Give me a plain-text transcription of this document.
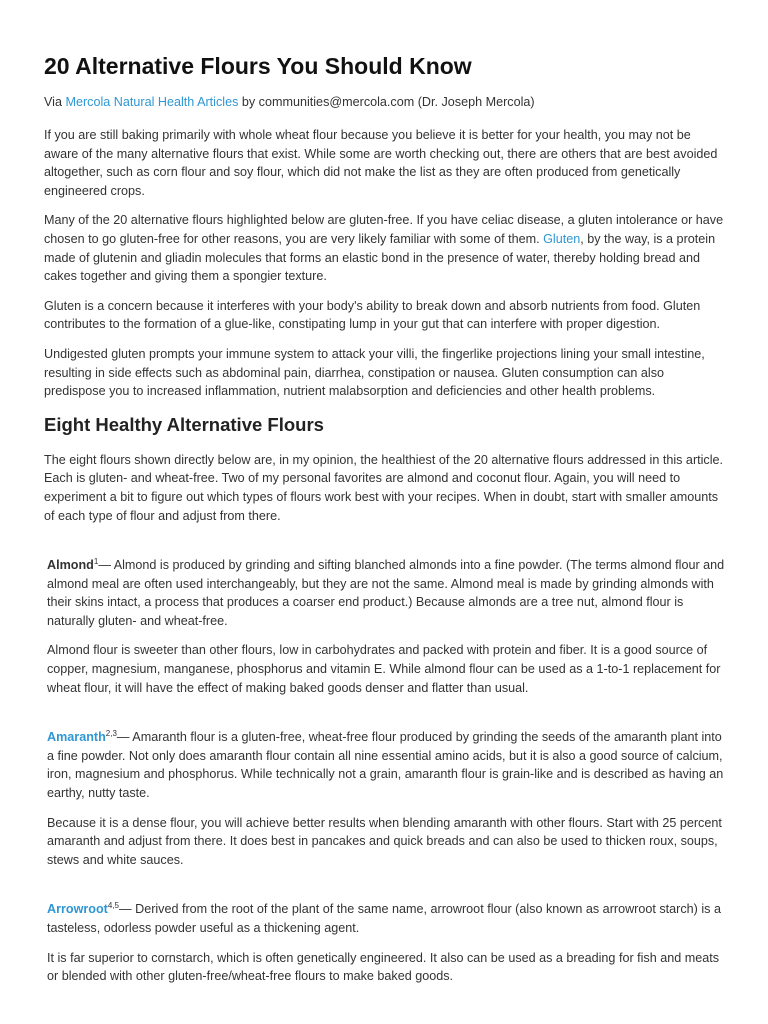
20 Alternative Flours You Should Know
Via Mercola Natural Health Articles by communities@mercola.com (Dr. Joseph Mercola)

If you are still baking primarily with whole wheat flour because you believe it is better for your health, you may not be aware of the many alternative flours that exist. While some are worth checking out, there are others that are best avoided altogether, such as corn flour and soy flour, which did not make the list as they are often produced from genetically engineered crops.

Many of the 20 alternative flours highlighted below are gluten-free. If you have celiac disease, a gluten intolerance or have chosen to go gluten-free for other reasons, you are very likely familiar with some of them. Gluten, by the way, is a protein made of glutenin and gliadin molecules that forms an elastic bond in the presence of water, thereby holding bread and cakes together and giving them a spongier texture.

Gluten is a concern because it interferes with your body's ability to break down and absorb nutrients from food. Gluten contributes to the formation of a glue-like, constipating lump in your gut that can interfere with proper digestion.

Undigested gluten prompts your immune system to attack your villi, the fingerlike projections lining your small intestine, resulting in side effects such as abdominal pain, diarrhea, constipation or nausea. Gluten consumption can also predispose you to increased inflammation, nutrient malabsorption and deficiencies and other health problems.

Eight Healthy Alternative Flours

The eight flours shown directly below are, in my opinion, the healthiest of the 20 alternative flours addressed in this article. Each is gluten- and wheat-free. Two of my personal favorites are almond and coconut flour. Again, you will need to experiment a bit to figure out which types of flours work best with your recipes. When in doubt, start with smaller amounts of each type of flour and adjust from there.

Almond$^1$— Almond is produced by grinding and sifting blanched almonds into a fine powder. (The terms almond flour and almond meal are often used interchangeably, but they are not the same. Almond meal is made by grinding almonds with their skins intact, a process that produces a coarser end product.) Because almonds are a tree nut, almond flour is naturally gluten- and wheat-free.

Almond flour is sweeter than other flours, low in carbohydrates and packed with protein and fiber. It is a good source of copper, magnesium, manganese, phosphorus and vitamin E. While almond flour can be used as a 1-to-1 replacement for wheat flour, it will have the effect of making baked goods denser and flatter than usual.

Amaranth$^{2,3}$— Amaranth flour is a gluten-free, wheat-free flour produced by grinding the seeds of the amaranth plant into a fine powder. Not only does amaranth flour contain all nine essential amino acids, but it is also a good source of calcium, iron, magnesium and phosphorus. While technically not a grain, amaranth flour is grain-like and is described as having an earthy, nutty taste.

Because it is a dense flour, you will achieve better results when blending amaranth with other flours. Start with 25 percent amaranth and adjust from there. It does best in pancakes and quick breads and can also be used to thicken roux, soups, stews and white sauces.

Arrowroot$^{4,5}$— Derived from the root of the plant of the same name, arrowroot flour (also known as arrowroot starch) is a tasteless, odorless powder useful as a thickening agent.

It is far superior to cornstarch, which is often genetically engineered. It also can be used as a breading for fish and meats or blended with other gluten-free/wheat-free flours to make baked goods.
